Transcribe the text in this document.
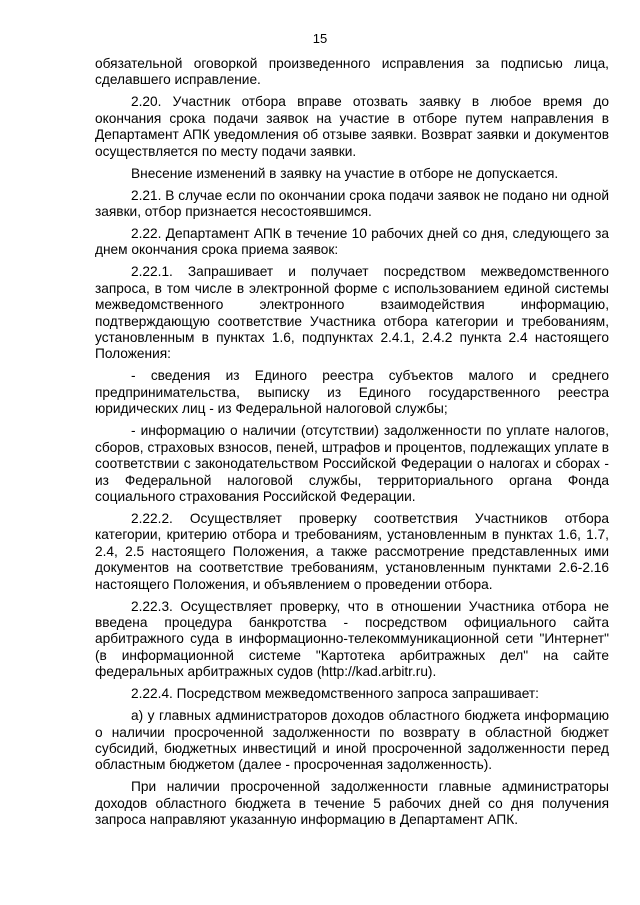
15

обязательной оговоркой произведенного исправления за подписью лица, сделавшего исправление.

2.20. Участник отбора вправе отозвать заявку в любое время до окончания срока подачи заявок на участие в отборе путем направления в Департамент АПК уведомления об отзыве заявки. Возврат заявки и документов осуществляется по месту подачи заявки.

Внесение изменений в заявку на участие в отборе не допускается.

2.21. В случае если по окончании срока подачи заявок не подано ни одной заявки, отбор признается несостоявшимся.

2.22. Департамент АПК в течение 10 рабочих дней со дня, следующего за днем окончания срока приема заявок:

2.22.1. Запрашивает и получает посредством межведомственного запроса, в том числе в электронной форме с использованием единой системы межведомственного электронного взаимодействия информацию, подтверждающую соответствие Участника отбора категории и требованиям, установленным в пунктах 1.6, подпунктах 2.4.1, 2.4.2 пункта 2.4 настоящего Положения:

- сведения из Единого реестра субъектов малого и среднего предпринимательства, выписку из Единого государственного реестра юридических лиц - из Федеральной налоговой службы;

- информацию о наличии (отсутствии) задолженности по уплате налогов, сборов, страховых взносов, пеней, штрафов и процентов, подлежащих уплате в соответствии с законодательством Российской Федерации о налогах и сборах - из Федеральной налоговой службы, территориального органа Фонда социального страхования Российской Федерации.

2.22.2. Осуществляет проверку соответствия Участников отбора категории, критерию отбора и требованиям, установленным в пунктах 1.6, 1.7, 2.4, 2.5 настоящего Положения, а также рассмотрение представленных ими документов на соответствие требованиям, установленным пунктами 2.6-2.16 настоящего Положения, и объявлением о проведении отбора.

2.22.3. Осуществляет проверку, что в отношении Участника отбора не введена процедура банкротства - посредством официального сайта арбитражного суда в информационно-телекоммуникационной сети "Интернет" (в информационной системе "Картотека арбитражных дел" на сайте федеральных арбитражных судов (http://kad.arbitr.ru).

2.22.4. Посредством межведомственного запроса запрашивает:

а) у главных администраторов доходов областного бюджета информацию о наличии просроченной задолженности по возврату в областной бюджет субсидий, бюджетных инвестиций и иной просроченной задолженности перед областным бюджетом (далее - просроченная задолженность).

При наличии просроченной задолженности главные администраторы доходов областного бюджета в течение 5 рабочих дней со дня получения запроса направляют указанную информацию в Департамент АПК.
